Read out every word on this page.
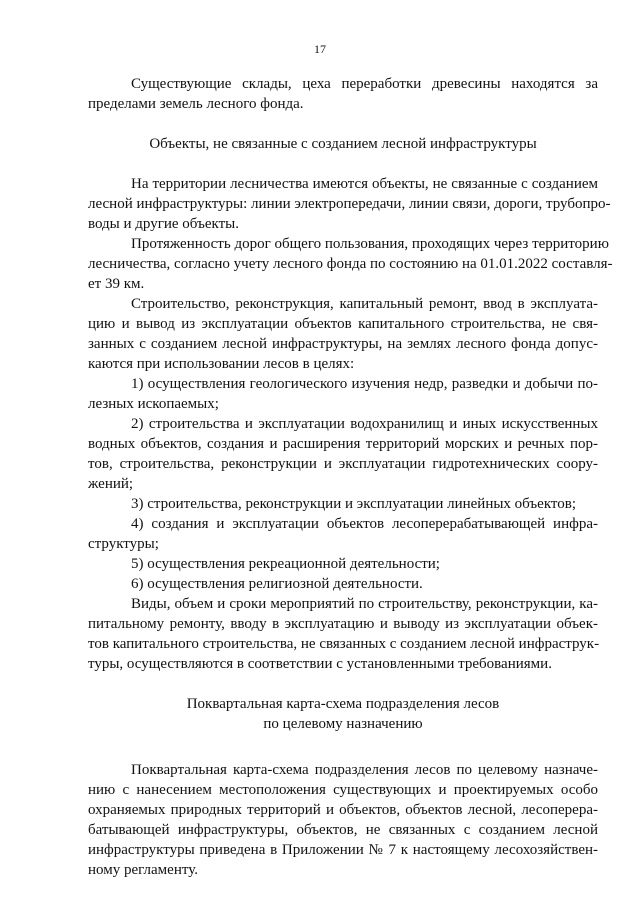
17
Существующие склады, цеха переработки древесины находятся за
пределами земель лесного фонда.
Объекты, не связанные с созданием лесной инфраструктуры
На территории лесничества имеются объекты, не связанные с созданием
лесной инфраструктуры: линии электропередачи, линии связи, дороги, трубопро-
воды и другие объекты.
Протяженность дорог общего пользования, проходящих через территорию
лесничества, согласно учету лесного фонда по состоянию на 01.01.2022 составля-
ет 39 км.
Строительство, реконструкция, капитальный ремонт, ввод в эксплуата-
цию и вывод из эксплуатации объектов капитального строительства, не свя-
занных с созданием лесной инфраструктуры, на землях лесного фонда допус-
каются при использовании лесов в целях:
1) осуществления геологического изучения недр, разведки и добычи по-
лезных ископаемых;
2) строительства и эксплуатации водохранилищ и иных искусственных
водных объектов, создания и расширения территорий морских и речных пор-
тов, строительства, реконструкции и эксплуатации гидротехнических соору-
жений;
3) строительства, реконструкции и эксплуатации линейных объектов;
4) создания и эксплуатации объектов лесоперерабатывающей инфра-
структуры;
5) осуществления рекреационной деятельности;
6) осуществления религиозной деятельности.
Виды, объем и сроки мероприятий по строительству, реконструкции, ка-
питальному ремонту, вводу в эксплуатацию и выводу из эксплуатации объек-
тов капитального строительства, не связанных с созданием лесной инфраструк-
туры, осуществляются в соответствии с установленными требованиями.
Поквартальная карта-схема подразделения лесов
по целевому назначению
Поквартальная карта-схема подразделения лесов по целевому назначе-
нию с нанесением местоположения существующих и проектируемых особо
охраняемых природных территорий и объектов, объектов лесной, лесоперера-
батывающей инфраструктуры, объектов, не связанных с созданием лесной
инфраструктуры приведена в Приложении № 7 к настоящему лесохозяйствен-
ному регламенту.
